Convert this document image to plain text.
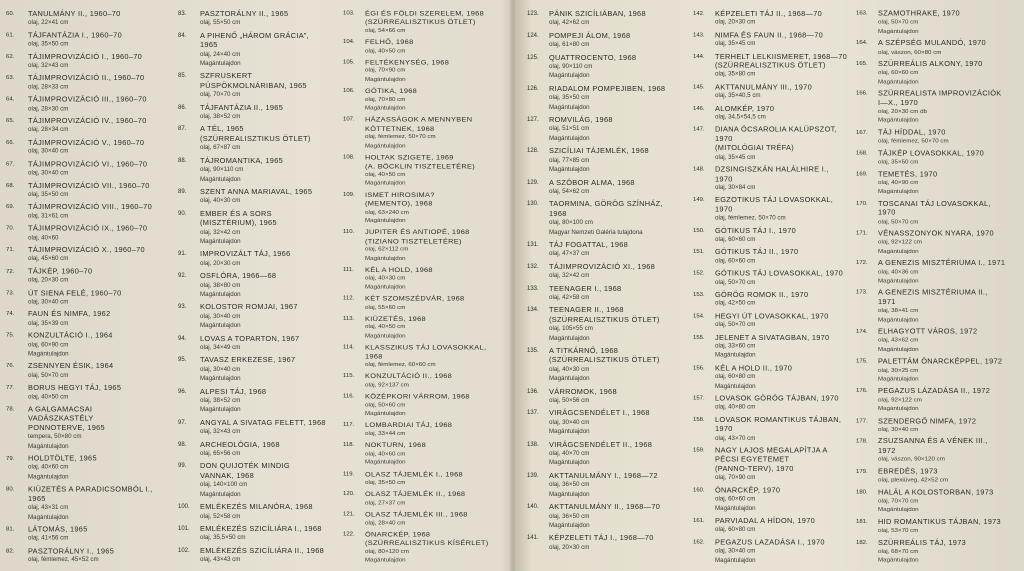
60.	TANULMÁNY II., 1960–70
olaj, 22×41 cm
61.	TÁJFANTÁZIA I., 1960–70
olaj, 35×50 cm
62.	TÁJIMPROVIZÁCIÓ I., 1960–70
olaj, 32×43 cm
63.	TÁJIMPROVIZÁCIÓ II., 1960–70
olaj, 28×33 cm
64.	TÁJIMPROVIZÁCIÓ III., 1960–70
olaj, 28×30 cm
65.	TÁJIMPROVIZÁCIÓ IV., 1960–70
olaj, 28×34 cm
66.	TÁJIMPROVIZÁCIÓ V., 1960–70
olaj, 30×40 cm
67.	TÁJIMPROVIZÁCIÓ VI., 1960–70
olaj, 30×40 cm
68.	TÁJIMPROVIZÁCIÓ VII., 1960–70
olaj, 35×50 cm
69.	TÁJIMPROVIZÁCIÓ VIII., 1960–70
olaj, 31×61 cm
70.	TÁJIMPROVIZÁCIÓ IX., 1960–70
olaj, 40×60
71.	TÁJIMPROVIZÁCIÓ X., 1960–70
olaj, 45×60 cm
72.	TÁJKÉP, 1960–70
olaj, 20×30 cm
73.	ÚT SIENA FELÉ, 1960–70
olaj, 30×40 cm
74.	FAUN ÉS NIMFA, 1962
olaj, 35×39 cm
75.	KONZULTÁCIÓ I., 1964
olaj, 60×90 cm
Magántulajdon
76.	ZSENNYEN ÉSIK, 1964
olaj, 50×70 cm
77.	BORUS HEGYI TÁJ, 1965
olaj, 40×50 cm
78.	A GALGAMACSAI
VADÁSZKASTÉLY
PONNOTERVE, 1965
tempera, 50×80 cm
Magántulajdon
79.	HOLDTÖLTE, 1965
olaj, 40×60 cm
Magántulajdon
80.	KIÜZETÉS A PARADICSOMBÓL I.,
1965
olaj, 43×31 cm
Magántulajdon
81.	LÁTOMÁS, 1965
olaj, 41×56 cm
82.	PASZTORÁLNY I., 1965
olaj, fémlemez, 45×52 cm
83.	PASZTORÁLNY II., 1965
olaj, 55×50 cm
84.	A PIHENŐ „HÁROM GRÁCIA”,
1965
olaj, 24×40 cm
Magántulajdon
85.	SZFRUSKERT
PÜSPÖKMOLNÁRIBAN, 1965
olaj, 70×70 cm
86.	TÁJFANTÁZIA II., 1965
olaj, 38×52 cm
87.	A TÉL, 1965
(SZÜRREALISZTIKUS ÖTLET)
olaj, 67×87 cm
88.	TÁJROMANTIKA, 1965
olaj, 90×110 cm
Magántulajdon
89.	SZENT ANNA MARIAVAL, 1965
olaj, 40×30 cm
90.	EMBER ÉS A SORS
(MISZTÉRIUM), 1965
olaj, 32×42 cm
Magántulajdon
91.	IMPROVIZÁLT TÁJ, 1966
olaj, 20×30 cm
92.	OSFLÓRA, 1966—68
olaj, 38×80 cm
Magántulajdon
93.	KOLOSTOR ROMJAI, 1967
olaj, 30×40 cm
Magántulajdon
94.	LOVAS A TOPARTON, 1967
olaj, 34×49 cm
95.	TAVASZ ERKEZESE, 1967
olaj, 30×40 cm
Magántulajdon
96.	ALPESI TÁJ, 1968
olaj, 38×52 cm
Magántulajdon
97.	ANGYAL A SIVATAG FELETT, 1968
olaj, 32×43 cm
98.	ARCHEOLÓGIA, 1968
olaj, 65×56 cm
99.	DON QUIJOTÉK MINDIG
VANNAK, 1968
olaj, 140×100 cm
Magántulajdon
100.	EMLÉKEZÉS MILANÓRA, 1968
olaj, 52×58 cm
101.	EMLÉKEZÉS SZICÍLIÁRA I., 1968
olaj, 35,5×50 cm
102.	EMLÉKEZÉS SZICÍLIÁRA II., 1968
olaj, 43×43 cm
103.	ÉGI ÉS FÖLDI SZERELEM, 1968
(SZÜRREALISZTIKUS ÖTLET)
olaj, 54×66 cm
104.	FELHŐ, 1968
olaj, 40×50 cm
105.	FELTÉKENYSÉG, 1968
olaj, 70×90 cm
Magántulajdon
106.	GÓTIKA, 1968
olaj, 70×80 cm
Magántulajdon
107.	HÁZASSÁGOK A MENNYBEN
KÖTTETNEK, 1968
olaj, fémlemez, 50×70 cm
Magántulajdon
108.	HOLTAK SZIGETE, 1969
(A. BÖCKLIN TISZTELETÉRE)
olaj, 40×50 cm
Magántulajdon
109.	ISMET HIROSIMA?
(MEMENTO), 1968
olaj, 63×240 cm
Magántulajdon
110.	JUPITER ÉS ANTIOPÉ, 1968
(TIZIANO TISZTELETÉRE)
olaj, 62×112 cm
Magántulajdon
111.	KÉL A HOLD, 1968
olaj, 40×30 cm
Magántulajdon
112.	KÉT SZOMSZÉDVÁR, 1968
olaj, 55×60 cm
113.	KIÜZETÉS, 1968
olaj, 40×50 cm
Magántulajdon
114.	KLASSZIKUS TÁJ LOVASOKKAL,
1968
olaj, fémlemez, 60×60 cm
115.	KONZULTÁCIÓ II., 1968
olaj, 92×137 cm
116.	KÖZÉPKORI VÁRROM, 1968
olaj, 50×60 cm
Magántulajdon
117.	LOMBARDIAI TÁJ, 1968
olaj, 33×44 cm
118.	NOKTURN, 1968
olaj, 40×60 cm
Magántulajdon
119.	OLASZ TÁJEMLÉK I., 1968
olaj, 35×50 cm
120.	OLASZ TÁJEMLÉK II., 1968
olaj, 27×37 cm
121.	OLASZ TÁJEMLÉK III., 1968
olaj, 28×40 cm
122.	ÖNARCKÉP, 1968
(SZÜRREALISZTIKUS KÍSÉRLET)
olaj, 80×120 cm
Magántulajdon
123.	PÁNIK SZICÍLIÁBAN, 1968
olaj, 42×62 cm
124.	POMPEJI ÁLOM, 1968
olaj, 61×80 cm
125.	QUATTROCENTO, 1968
olaj, 90×110 cm
Magántulajdon
126.	RIADALOM POMPEJIBEN, 1968
olaj, 35×50 cm
Magántulajdon
127.	ROMVILÁG, 1968
olaj, 51×51 cm
Magántulajdon
128.	SZICÍLIAI TÁJEMLÉK, 1968
olaj, 77×85 cm
Magántulajdon
129.	A SZÓBOR ALMA, 1968
olaj, 54×62 cm
130.	TAORMINA, GÖRÖG SZÍNHÁZ,
1968
olaj, 80×100 cm
Magyar Nemzeti Galéria tulajdona
131.	TÁJ FOGATTAL, 1968
olaj, 47×37 cm
132.	TÁJIMPROVIZÁCIÓ XI., 1968
olaj, 32×42 cm
133.	TEENAGER I., 1968
olaj, 42×58 cm
134.	TEENAGER II., 1968
(SZÜRREALISZTIKUS ÖTLET)
olaj, 105×55 cm
Magántulajdon
135.	A TITKÁRNŐ, 1968
(SZÜRREALISZTIKUS ÖTLET)
olaj, 40×30 cm
Magántulajdon
136.	VÁRROMOK, 1968
olaj, 50×56 cm
137.	VIRÁGCSENDÉLET I., 1968
olaj, 30×40 cm
Magántulajdon
138.	VIRÁGCSENDÉLET II., 1968
olaj, 40×70 cm
Magántulajdon
139.	AKTTANULMÁNY I., 1968—72
olaj, 36×50 cm
Magántulajdon
140.	AKTTANULMÁNY II., 1968—70
olaj, 36×50 cm
Magántulajdon
141.	KÉPZELETI TÁJ I., 1968—70
olaj, 20×30 cm
142.	KÉPZELETI TÁJ II., 1968—70
olaj, 20×30 cm
143.	NIMFA ÉS FAUN II., 1968—70
olaj, 35×45 cm
144.	TERHELT LELKIISMERET, 1968—70
(SZÜRREALISZTIKUS ÖTLET)
olaj, 35×80 cm
145.	AKTTANULMÁNY III., 1970
olaj, 35×40,5 cm
146.	ALOMKÉP, 1970
olaj, 34,5×54,5 cm
147.	DIANA ÖCSAROLIA KALÜPSZOT,
1970
(MITOLÓGIAI TRÉFA)
olaj, 35×45 cm
148.	DZSINGISZKÁN HALÁLHIRE I.,
1970
olaj, 30×84 cm
149.	EGZOTIKUS TÁJ LOVASOKKAL,
1970
olaj, fémlemez, 50×70 cm
150.	GÓTIKUS TÁJ I., 1970
olaj, 60×60 cm
151.	GÓTIKUS TÁJ II., 1970
olaj, 60×60 cm
152.	GÓTIKUS TÁJ LOVASOKKAL, 1970
olaj, 50×70 cm
153.	GÖRÖG ROMOK II., 1970
olaj, 42×50 cm
154.	HEGYI ÚT LOVASOKKAL, 1970
olaj, 50×70 cm
155.	JELENET A SIVATAGBAN, 1970
olaj, 33×60 cm
Magántulajdon
156.	KÉL A HOLD II., 1970
olaj, 60×80 cm
Magántulajdon
157.	LOVASOK GÖRÖG TÁJBAN, 1970
olaj, 40×80 cm
158.	LOVASOK ROMANTIKUS TÁJBAN,
1970
olaj, 43×70 cm
159.	NAGY LAJOS MEGALAPÍTJA A
PÉCSI EGYETEMET
(PANNO-TERV), 1970
olaj, 70×90 cm
160.	ÖNARCKÉP, 1970
olaj, 60×60 cm
Magántulajdon
161.	PARVIADAL A HÍDON, 1970
olaj, 60×80 cm
162.	PEGAZUS LAZADÁSA I., 1970
olaj, 30×40 cm
Magántulajdon
163.	SZAMOTHRAKE, 1970
olaj, 50×70 cm
Magántulajdon
164.	A SZÉPSÉG MULANDÓ, 1970
olaj, vászon, 60×80 cm
165.	SZÜRREÁLIS ALKONY, 1970
olaj, 60×60 cm
Magántulajdon
166.	SZÜRREALISTA IMPROVIZÁCIÓK
I—X., 1970
olaj, 20×30 cm db
Magántulajdon
167.	TÁJ HÍDDAL, 1970
olaj, fémlemez, 50×70 cm
168.	TÁJKÉP LOVASOKKAL, 1970
olaj, 35×50 cm
169.	TEMETÉS, 1970
olaj, 40×90 cm
Magántulajdon
170.	TOSCANAI TÁJ LOVASOKKAL,
1970
olaj, 50×70 cm
171.	VÉNASSZONYOK NYARA, 1970
olaj, 92×122 cm
Magántulajdon
172.	A GENEZIS MISZTÉRIUMA I., 1971
olaj, 40×36 cm
Magántulajdon
173.	A GENEZIS MISZTÉRIUMA II.,
1971
olaj, 38×41 cm
Magántulajdon
174.	ELHAGYOTT VÁROS, 1972
olaj, 43×62 cm
Magántulajdon
175.	PALETTÁM ÖNARCKÉPPEL, 1972
olaj, 30×25 cm
Magántulajdon
176.	PEGAZUS LÁZADÁSA II., 1972
olaj, 92×122 cm
Magántulajdon
177.	SZENDERGŐ NIMFA, 1972
olaj, 30×40 cm
178.	ZSUZSANNA ÉS A VÉNEK III.,
1972
olaj, vászon, 90×120 cm
179.	EBREDÉS, 1973
olaj, plexiüveg, 42×52 cm
180.	HALÁL A KOLOSTORBAN, 1973
olaj, 70×70 cm
Magántulajdon
181.	HID ROMANTIKUS TÁJBAN, 1973
olaj, 53×70 cm
182.	SZÜRREÁLIS TÁJ, 1973
olaj, 68×70 cm
Magántulajdon
